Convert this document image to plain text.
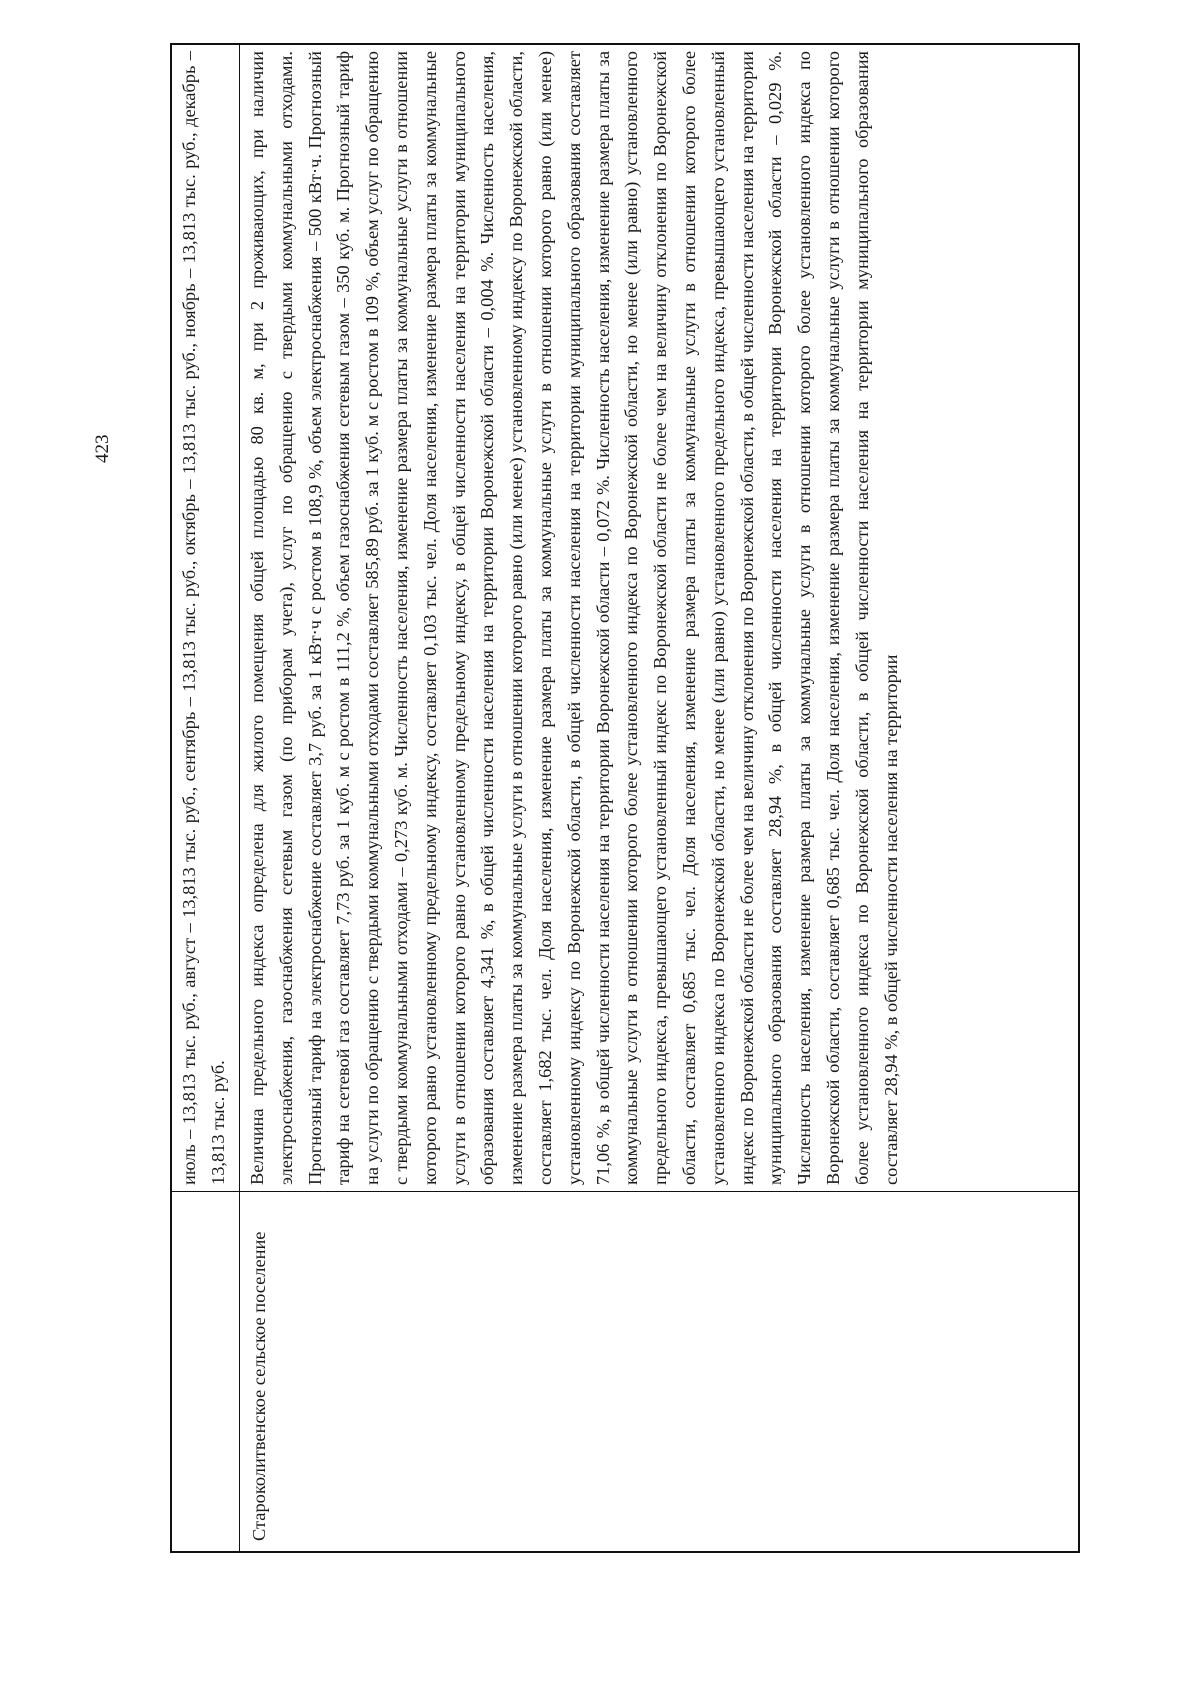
423	июль – 13,813 тыс. руб., август – 13,813 тыс. руб., сентябрь – 13,813 тыс. руб., октябрь – 13,813 тыс. руб., ноябрь – 13,813 тыс. руб., декабрь – 13,813 тыс. руб.
Староколитвенское сельское поселение
Величина предельного индекса определена для жилого помещения общей площадью 80 кв. м, при 2 проживающих, при наличии электроснабжения, газоснабжения сетевым газом (по приборам учета), услуг по обращению с твердыми коммунальными отходами. Прогнозный тариф на электроснабжение составляет 3,7 руб. за 1 кВт·ч с ростом в 108,9 %, объем электроснабжения – 500 кВт·ч. Прогнозный тариф на сетевой газ составляет 7,73 руб. за 1 куб. м с ростом в 111,2 %, объем газоснабжения сетевым газом – 350 куб. м. Прогнозный тариф на услуги по обращению с твердыми коммунальными отходами составляет 585,89 руб. за 1 куб. м с ростом в 109 %, объем услуг по обращению с твердыми коммунальными отходами – 0,273 куб. м. Численность населения, изменение размера платы за коммунальные услуги в отношении которого равно установленному предельному индексу, составляет 0,103 тыс. чел. Доля населения, изменение размера платы за коммунальные услуги в отношении которого равно установленному предельному индексу, в общей численности населения на территории муниципального образования составляет 4,341 %, в общей численности населения на территории Воронежской области – 0,004 %. Численность населения, изменение размера платы за коммунальные услуги в отношении которого равно (или менее) установленному индексу по Воронежской области, составляет 1,682 тыс. чел. Доля населения, изменение размера платы за коммунальные услуги в отношении которого равно (или менее) установленному индексу по Воронежской области, в общей численности населения на территории муниципального образования составляет 71,06 %, в общей численности населения на территории Воронежской области – 0,072 %. Численность населения, изменение размера платы за коммунальные услуги в отношении которого более установленного индекса по Воронежской области, но менее (или равно) установленного предельного индекса, превышающего установленный индекс по Воронежской области не более чем на величину отклонения по Воронежской области, составляет 0,685 тыс. чел. Доля населения, изменение размера платы за коммунальные услуги в отношении которого более установленного индекса по Воронежской области, но менее (или равно) установленного предельного индекса, превышающего установленный индекс по Воронежской области не более чем на величину отклонения по Воронежской области, в общей численности населения на территории муниципального образования составляет 28,94 %, в общей численности населения на территории Воронежской области – 0,029 %. Численность населения, изменение размера платы за коммунальные услуги в отношении которого более установленного индекса по Воронежской области, составляет 0,685 тыс. чел. Доля населения, изменение размера платы за коммунальные услуги в отношении которого более установленного индекса по Воронежской области, в общей численности населения на территории муниципального образования составляет 28,94 %, в общей численности населения на территории
